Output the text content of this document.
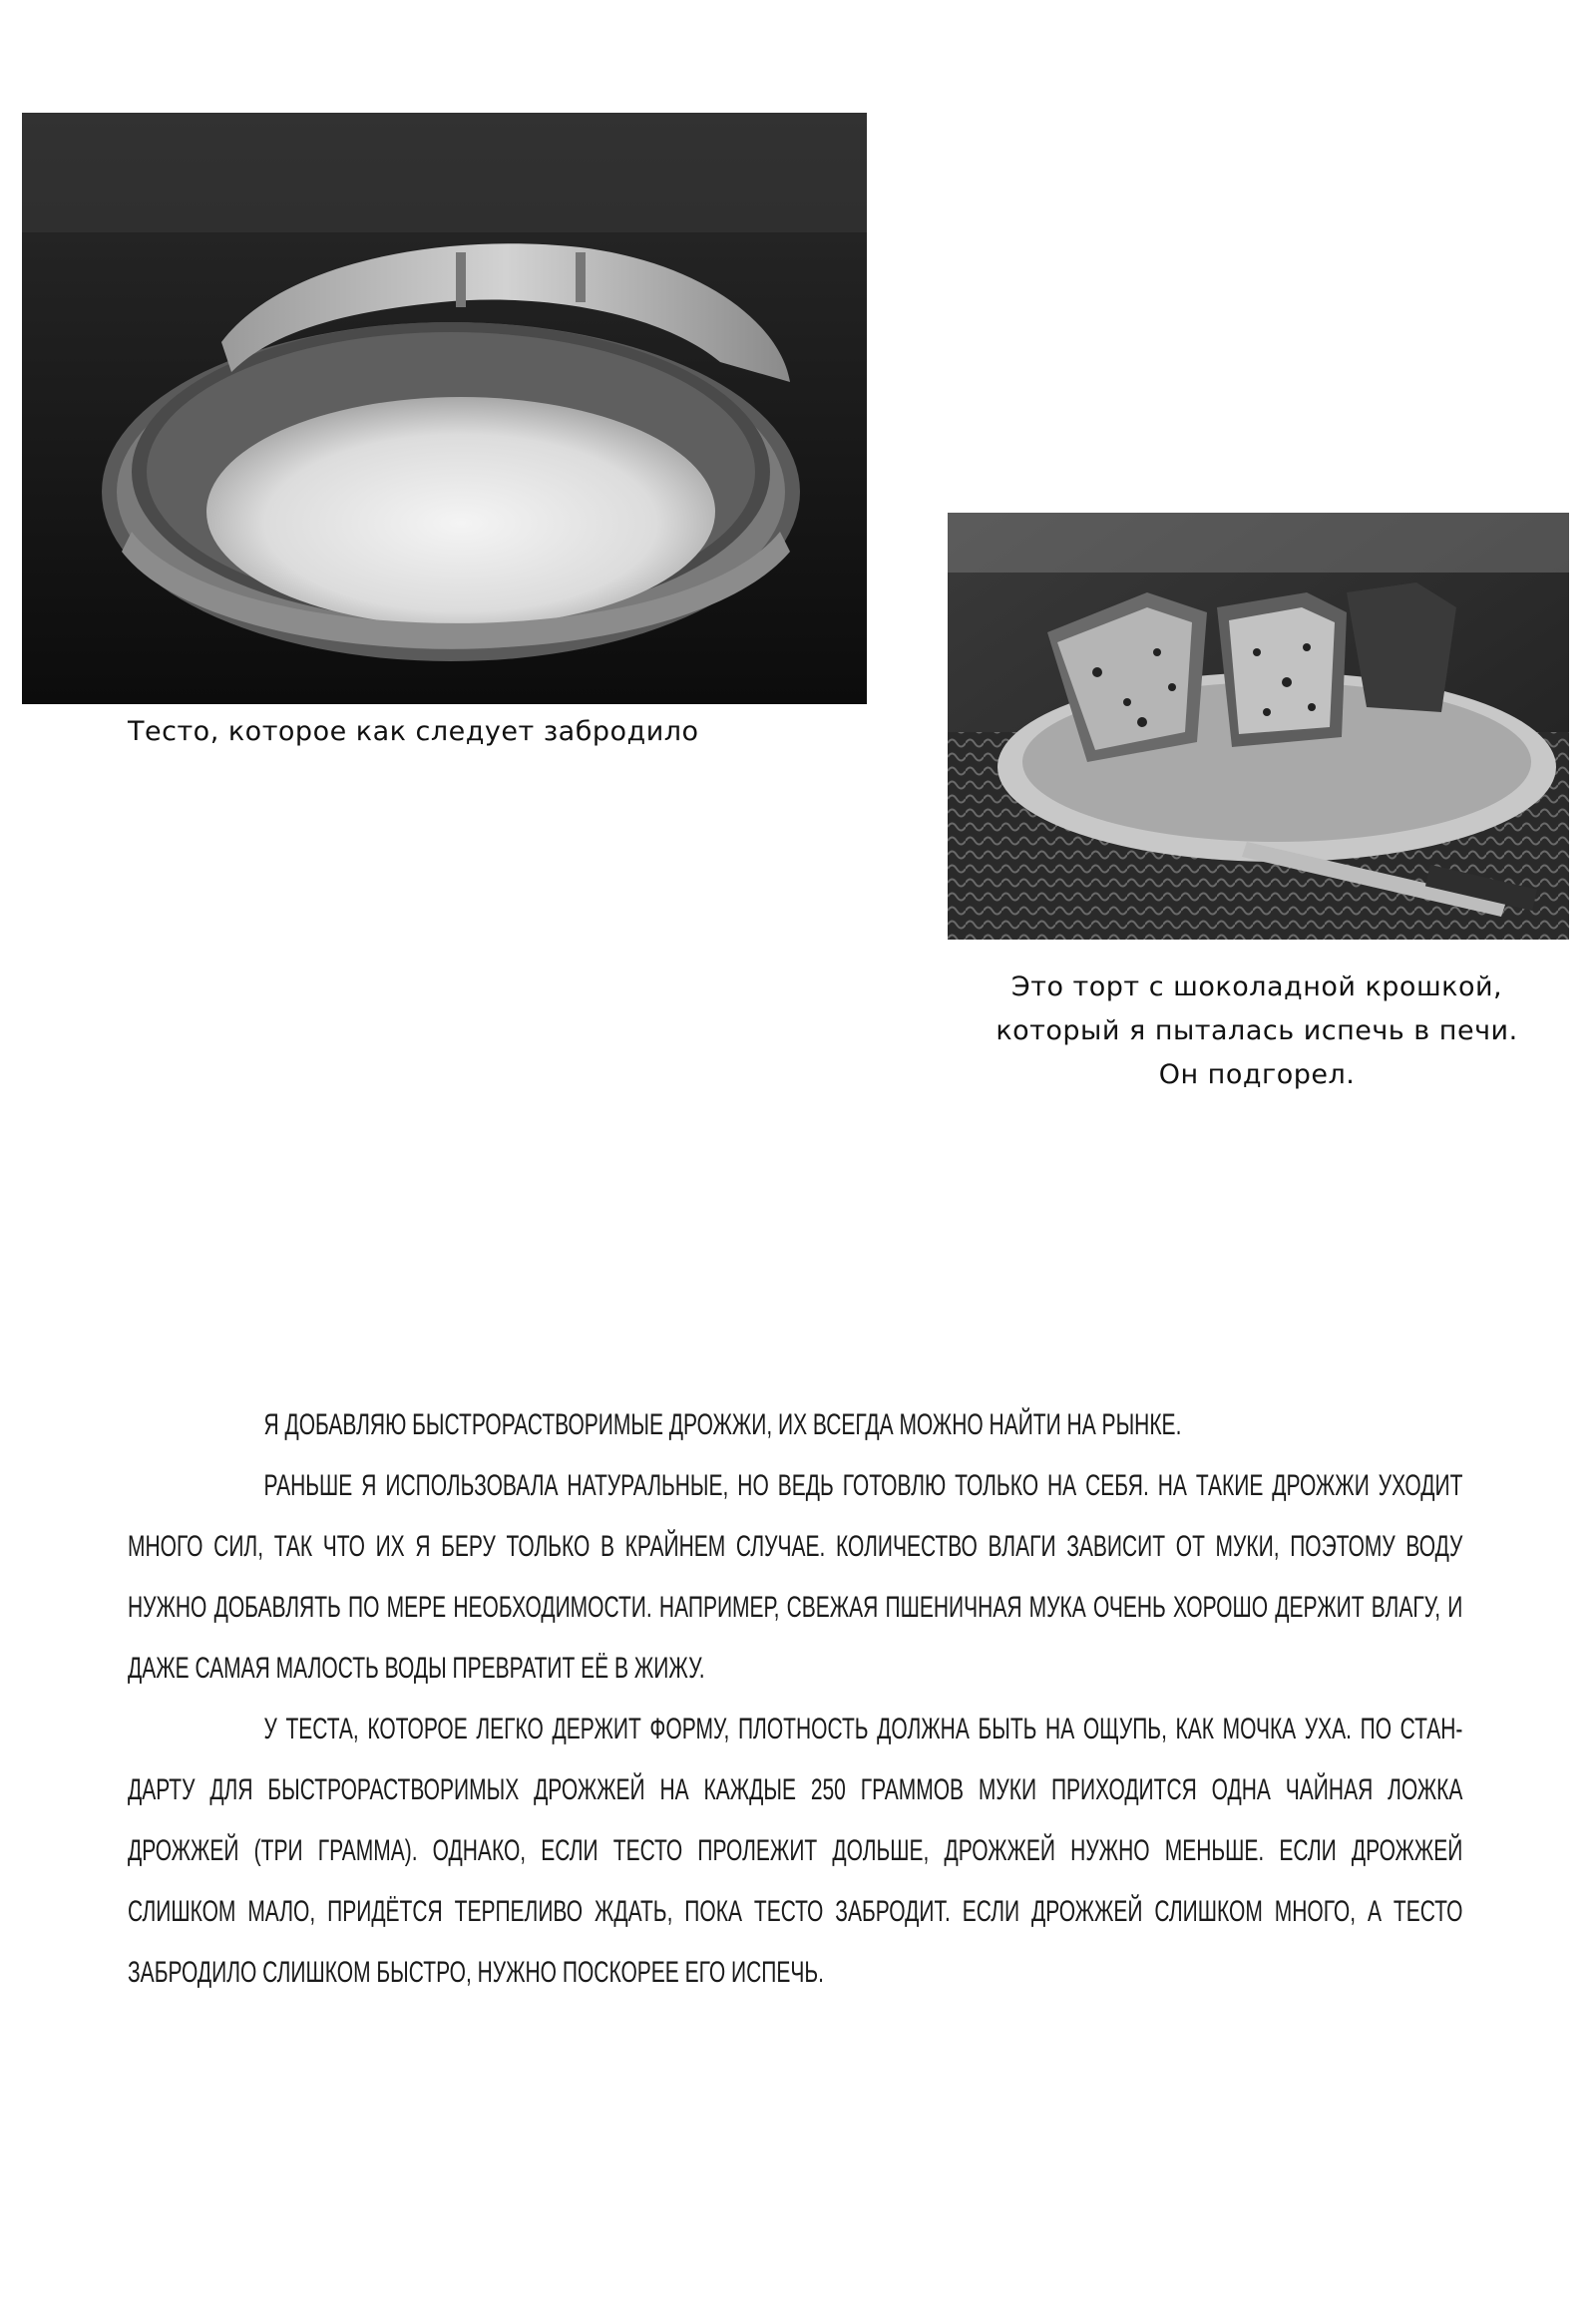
Тесто, которое как следует забродило
Это торт с шоколадной крошкой,
который я пыталась испечь в печи.
Он подгорел.

Я ДОБАВЛЯЮ БЫСТРОРАСТВОРИМЫЕ ДРОЖЖИ, ИХ ВСЕГДА МОЖНО НАЙТИ НА РЫНКЕ.

РАНЬШЕ Я ИСПОЛЬЗОВАЛА НАТУРАЛЬНЫЕ, НО ВЕДЬ ГОТОВЛЮ ТОЛЬКО НА СЕБЯ. НА ТАКИЕ ДРОЖЖИ УХОДИТ МНОГО СИЛ, ТАК ЧТО ИХ Я БЕРУ ТОЛЬКО В КРАЙНЕМ СЛУЧАЕ. КОЛИЧЕСТВО ВЛАГИ ЗАВИСИТ ОТ МУКИ, ПОЭТОМУ ВОДУ НУЖНО ДОБАВЛЯТЬ ПО МЕРЕ НЕОБХОДИМОСТИ. НАПРИМЕР, СВЕЖАЯ ПШЕНИЧНАЯ МУКА ОЧЕНЬ ХОРОШО ДЕРЖИТ ВЛАГУ, И ДАЖЕ САМАЯ МАЛОСТЬ ВОДЫ ПРЕВРАТИТ ЕЁ В ЖИЖУ.

У ТЕСТА, КОТОРОЕ ЛЕГКО ДЕРЖИТ ФОРМУ, ПЛОТНОСТЬ ДОЛЖНА БЫТЬ НА ОЩУПЬ, КАК МОЧКА УХА. ПО СТАН-ДАРТУ ДЛЯ БЫСТРОРАСТВОРИМЫХ ДРОЖЖЕЙ НА КАЖДЫЕ 250 ГРАММОВ МУКИ ПРИХОДИТСЯ ОДНА ЧАЙНАЯ ЛОЖКА ДРОЖЖЕЙ (ТРИ ГРАММА). ОДНАКО, ЕСЛИ ТЕСТО ПРОЛЕЖИТ ДОЛЬШЕ, ДРОЖЖЕЙ НУЖНО МЕНЬШЕ. ЕСЛИ ДРОЖЖЕЙ СЛИШКОМ МАЛО, ПРИДЁТСЯ ТЕРПЕЛИВО ЖДАТЬ, ПОКА ТЕСТО ЗАБРОДИТ. ЕСЛИ ДРОЖЖЕЙ СЛИШКОМ МНОГО, А ТЕСТО ЗАБРОДИЛО СЛИШКОМ БЫСТРО, НУЖНО ПОСКОРЕЕ ЕГО ИСПЕЧЬ.
